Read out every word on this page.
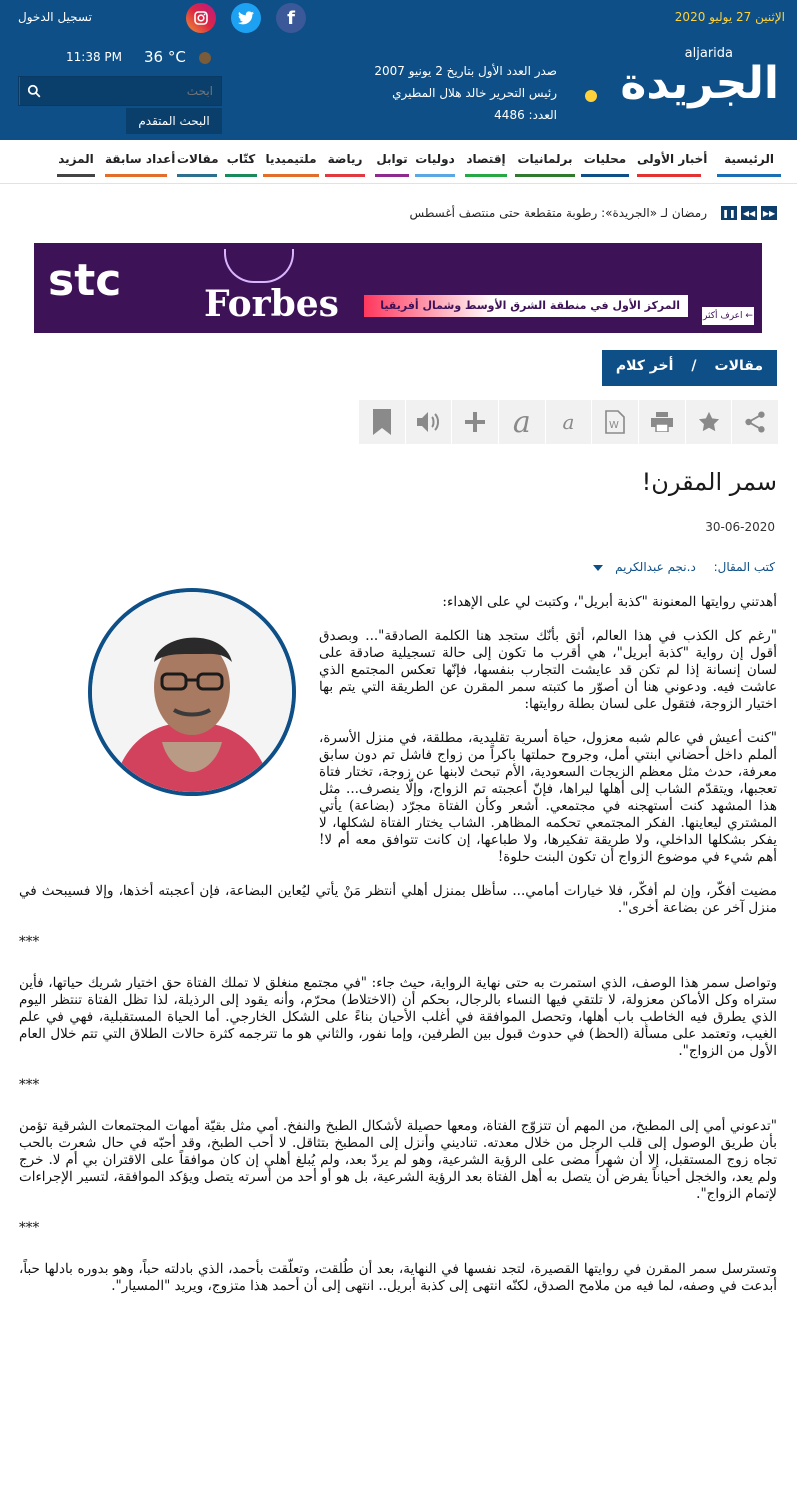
الإثنين 27 يوليو 2020
تسجيل الدخول	f
aljarida
الجريدة
صدر العدد الأول بتاريخ 2 يونيو 2007
رئيس التحرير خالد هلال المطيري
العدد: 4486
11:38 PM 36 °C
ابحث
البحث المتقدم
الرئيسية
أخبار الأولى
محليات
برلمانيات
إقتصاد
دوليات
توابل
رياضة
ملتيميديا
كتّاب
مقالات
أعداد سابقة
المزيد
▶▶
◀◀
❚❚
رمضان لـ «الجريدة»: رطوبة متقطعة حتى منتصف أغسطس
stc Forbes	المركز الأول في منطقة الشرق الأوسط وشمال أفريقيا
اعرف أكثر ←
مقالات
/
أخر كلام
a	a	W
سمر المقرن!
30-06-2020
كتب المقال: د.نجم عبدالكريم

أهدتني روايتها المعنونة "كذبة أبريل"، وكتبت لي على الإهداء:

"رغم كل الكذب في هذا العالم، أثق بأنّك ستجد هنا الكلمة الصادقة"... وبصدق أقول إن رواية "كذبة أبريل"، هي أقرب ما تكون إلى حالة تسجيلية صادقة على لسان إنسانة إذا لم تكن قد عايشت التجارب بنفسها، فإنّها تعكس المجتمع الذي عاشت فيه. ودعوني هنا أن أصوّر ما كتبته سمر المقرن عن الطريقة التي يتم بها اختيار الزوجة، فتقول على لسان بطلة روايتها:

"كنت أعيش في عالم شبه معزول، حياة أسرية تقليدية، مطلقة، في منزل الأسرة، ألملم داخل أحضاني ابنتي أمل، وجروح حملتها باكراً من زواج فاشل تم دون سابق معرفة، حدث مثل معظم الزيجات السعودية، الأم تبحث لابنها عن زوجة، تختار فتاة تعجبها، ويتقدّم الشاب إلى أهلها ليراها، فإنّ أعجبته تم الزواج، وإلّا ينصرف... مثل هذا المشهد كنت أستهجنه في مجتمعي. أشعر وكأن الفتاة مجرّد (بضاعة) يأتي المشتري ليعاينها. الفكر المجتمعي تحكمه المظاهر. الشاب يختار الفتاة لشكلها، لا يفكر بشكلها الداخلي، ولا طريقة تفكيرها، ولا طباعها، إن كانت تتوافق معه أم لا! أهم شيء في موضوع الزواج أن تكون البنت حلوة!

مضيت أفكّر، وإن لم أفكّر، فلا خيارات أمامي... سأظل بمنزل أهلي أنتظر مَنْ يأتي ليُعاين البضاعة، فإن أعجبته أخذها، وإلا فسيبحث في منزل آخر عن بضاعة أخرى".

***

وتواصل سمر هذا الوصف، الذي استمرت به حتى نهاية الرواية، حيث جاء: "في مجتمع منغلق لا تملك الفتاة حق اختيار شريك حياتها، فأين ستراه وكل الأماكن معزولة، لا تلتقي فيها النساء بالرجال، بحكم أن (الاختلاط) محرّم، وأنه يقود إلى الرذيلة، لذا تظل الفتاة تنتظر اليوم الذي يطرق فيه الخاطب باب أهلها، وتحصل الموافقة في أغلب الأحيان بناءً على الشكل الخارجي. أما الحياة المستقبلية، فهي في علم الغيب، وتعتمد على مسألة (الحظ) في حدوث قبول بين الطرفين، وإما نفور، والثاني هو ما تترجمه كثرة حالات الطلاق التي تتم خلال العام الأول من الزواج".

***

"تدعوني أمي إلى المطبخ، من المهم أن تتزوّج الفتاة، ومعها حصيلة لأشكال الطبخ والنفخ. أمي مثل بقيّة أمهات المجتمعات الشرقية تؤمن بأن طريق الوصول إلى قلب الرجل من خلال معدته. تناديني وأنزل إلى المطبخ بتثاقل. لا أحب الطبخ، وقد أحبّه في حال شعرت بالحب تجاه زوج المستقبل، إلا أن شهراً مضى على الرؤية الشرعية، وهو لم يردّ بعد، ولم يُبلغ أهلي إن كان موافقاً على الاقتران بي أم لا. خرج ولم يعد، والخجل أحياناً يفرض أن يتصل به أهل الفتاة بعد الرؤية الشرعية، بل هو أو أحد من أسرته يتصل ويؤكد الموافقة، لتسير الإجراءات لإتمام الزواج".

***

وتسترسل سمر المقرن في روايتها القصيرة، لتجد نفسها في النهاية، بعد أن طُلقت، وتعلّقت بأحمد، الذي بادلته حباً، وهو بدوره بادلها حباً، أبدعت في وصفه، لما فيه من ملامح الصدق، لكنّه انتهى إلى كذبة أبريل.. انتهى إلى أن أحمد هذا متزوج، ويريد "المسيار".
